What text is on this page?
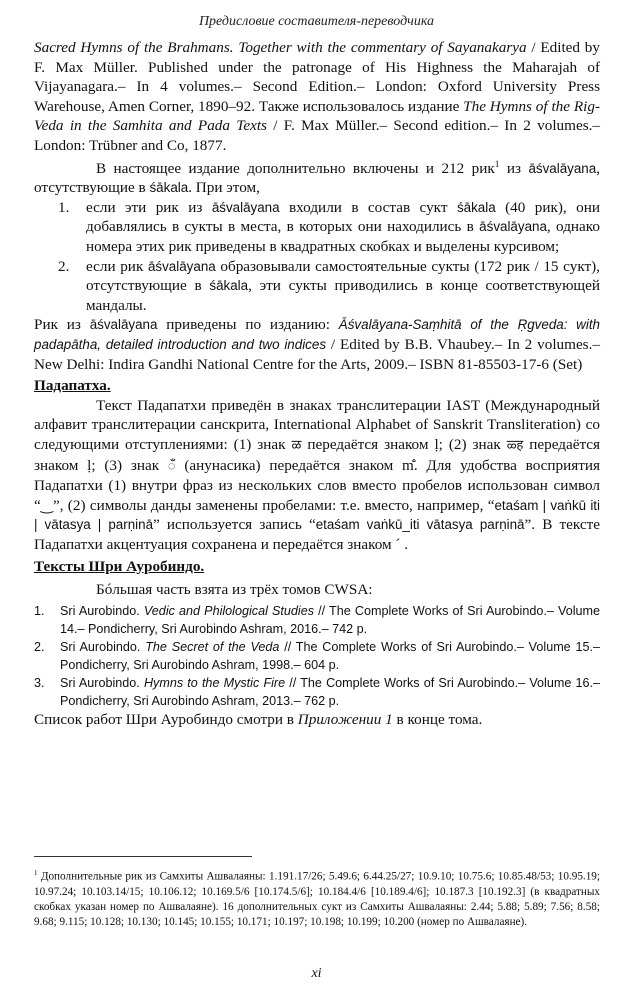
Предисловие составителя-переводчика

Sacred Hymns of the Brahmans. Together with the commentary of Sayanakarya / Edited by F. Max Müller. Published under the patronage of His Highness the Maharajah of Vijayanagara.– In 4 volumes.– Second Edition.– London: Oxford University Press Warehouse, Amen Corner, 1890–92. Также использовалось издание The Hymns of the Rig-Veda in the Samhita and Pada Texts / F. Max Müller.– Second edition.– In 2 volumes.– London: Trübner and Co, 1877.

В настоящее издание дополнительно включены и 212 рик$^1$ из āśvalāyana, отсутствующие в śākala. При этом,

1. если эти рик из āśvalāyana входили в состав сукт śākala (40 рик), они добавлялись в сукты в места, в которых они находились в āśvalāyana, однако номера этих рик приведены в квадратных скобках и выделены курсивом;
2. если рик āśvalāyana образовывали самостоятельные сукты (172 рик / 15 сукт), отсутствующие в śākala, эти сукты приводились в конце соответствующей мандалы.

Рик из āśvalāyana приведены по изданию: Āśvalāyana-Saṃhitā of the Ṛgveda: with padapātha, detailed introduction and two indices / Edited by B.B. Vhaubey.– In 2 volumes.– New Delhi: Indira Gandhi National Centre for the Arts, 2009.– ISBN 81-85503-17-6 (Set)

Падапатха.

Текст Падапатхи приведён в знаках транслитерации IAST (Международный алфавит транслитерации санскрита, International Alphabet of Sanskrit Transliteration) со следующими отступлениями: (1) знак ळ передаётся знаком ḷ; (2) знак ळ्ह передаётся знаком ḷ; (3) знак ँ (анунасика) передаётся знаком m̐. Для удобства восприятия Падапатхи (1) внутри фраз из нескольких слов вместо пробелов использован символ “‿”, (2) символы данды заменены пробелами: т.е. вместо, например, “etaśam | vaṅkū iti | vātasya | parṇinā” используется запись “etaśam vaṅkū_iti vātasya parṇinā”. В тексте Падапатхи акцентуация сохранена и передаётся знаком ´ .

Тексты Шри Ауробиндо.

Бóльшая часть взята из трёх томов CWSA:

1. Sri Aurobindo. Vedic and Philological Studies // The Complete Works of Sri Aurobindo.– Volume 14.– Pondicherry, Sri Aurobindo Ashram, 2016.– 742 p.
2. Sri Aurobindo. The Secret of the Veda // The Complete Works of Sri Aurobindo.– Volume 15.– Pondicherry, Sri Aurobindo Ashram, 1998.– 604 p.
3. Sri Aurobindo. Hymns to the Mystic Fire // The Complete Works of Sri Aurobindo.– Volume 16.– Pondicherry, Sri Aurobindo Ashram, 2013.– 762 p.

Список работ Шри Ауробиндо смотри в Приложении 1 в конце тома.

$^1$ Дополнительные рик из Самхиты Ашвалаяны: 1.191.17/26; 5.49.6; 6.44.25/27; 10.9.10; 10.75.6; 10.85.48/53; 10.95.19; 10.97.24; 10.103.14/15; 10.106.12; 10.169.5/6 [10.174.5/6]; 10.184.4/6 [10.189.4/6]; 10.187.3 [10.192.3] (в квадратных скобках указан номер по Ашвалаяне). 16 дополнительных сукт из Самхиты Ашвалаяны: 2.44; 5.88; 5.89; 7.56; 8.58; 9.68; 9.115; 10.128; 10.130; 10.145; 10.155; 10.171; 10.197; 10.198; 10.199; 10.200 (номер по Ашвалаяне).
xi
